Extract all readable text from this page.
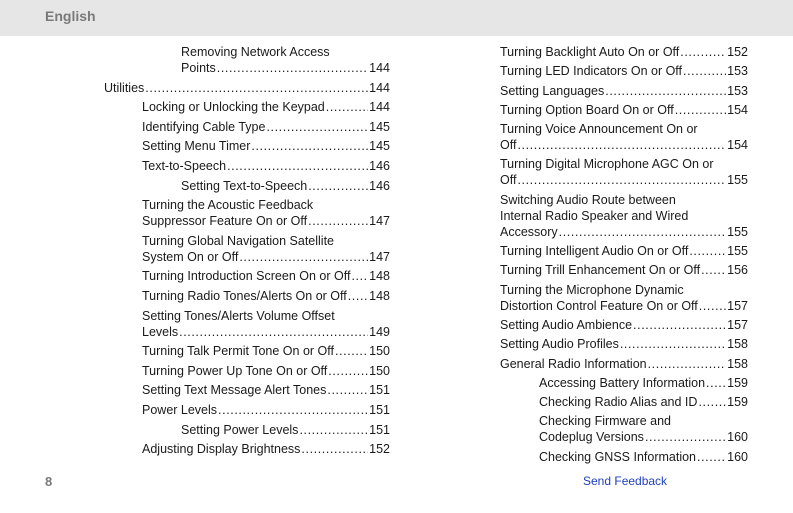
English
Removing Network Access
Points .....	144
Utilities .....	144
Locking or Unlocking the Keypad .....	144
Identifying Cable Type .....	145
Setting Menu Timer .....	145
Text-to-Speech .....	146
Setting Text-to-Speech .....	146
Turning the Acoustic Feedback
Suppressor Feature On or Off .....	147
Turning Global Navigation Satellite
System On or Off .....	147
Turning Introduction Screen On or Off ..... 148
Turning Radio Tones/Alerts On or Off ..... 148
Setting Tones/Alerts Volume Offset
Levels .....	149
Turning Talk Permit Tone On or Off .....	150
Turning Power Up Tone On or Off .....	150
Setting Text Message Alert Tones .....	151
Power Levels .....	151
Setting Power Levels .....	151
Adjusting Display Brightness .....	152
Turning Backlight Auto On or Off .....	152
Turning LED Indicators On or Off .....	153
Setting Languages .....	153
Turning Option Board On or Off .....	154
Turning Voice Announcement On or
Off .....	154
Turning Digital Microphone AGC On or
Off .....	155
Switching Audio Route between
Internal Radio Speaker and Wired
Accessory .....	155
Turning Intelligent Audio On or Off .....	155
Turning Trill Enhancement On or Off ..... 156
Turning the Microphone Dynamic
Distortion Control Feature On or Off ..... 157
Setting Audio Ambience .....	157
Setting Audio Profiles .....	158
General Radio Information .....	158
Accessing Battery Information ..... 159
Checking Radio Alias and ID ..... 159
Checking Firmware and
Codeplug Versions .....	160
Checking GNSS Information ..... 160
8	Send Feedback
